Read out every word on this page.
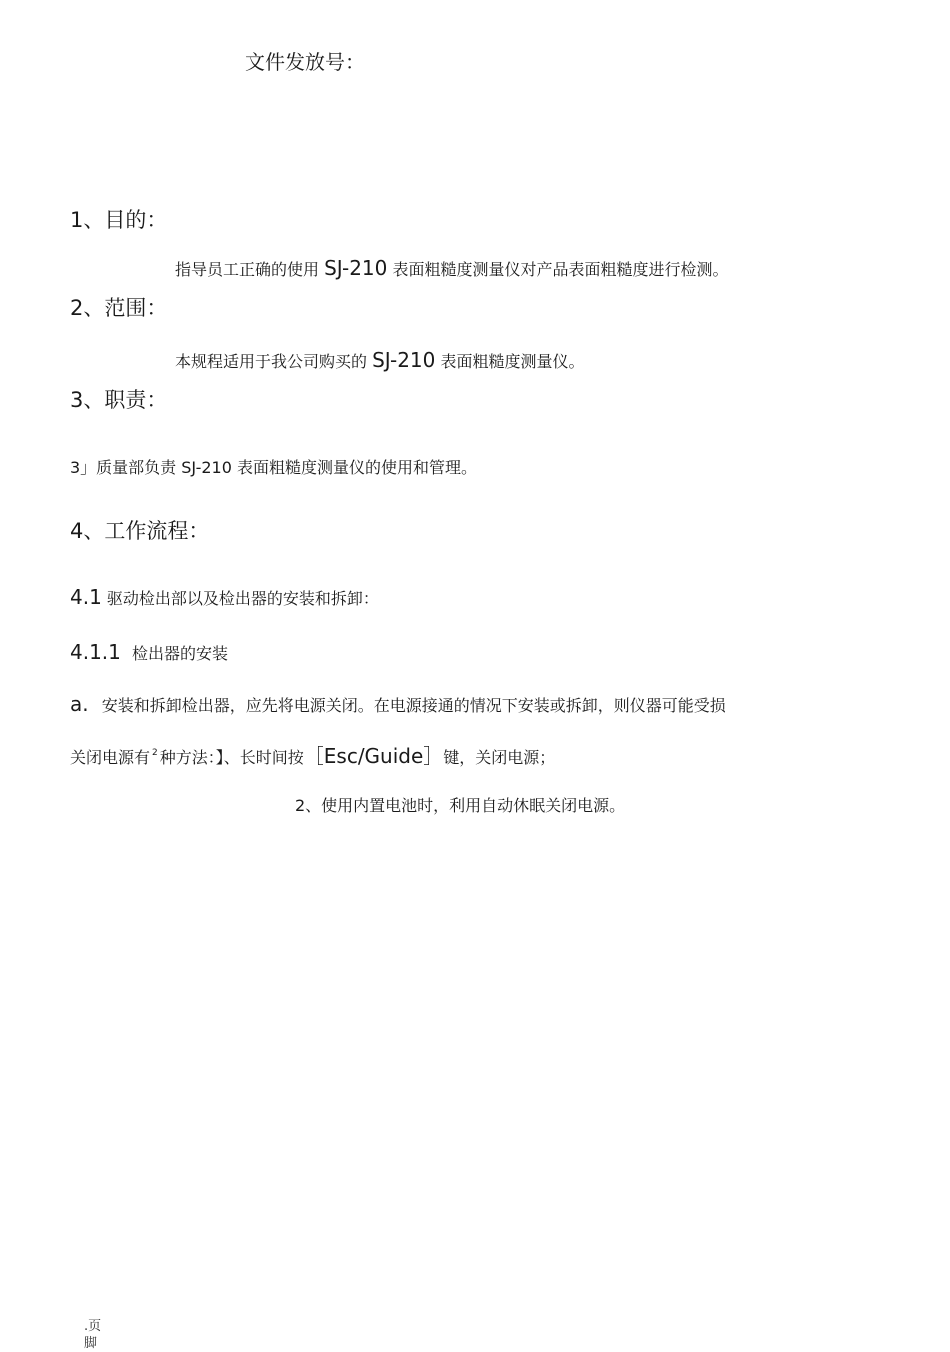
文件发放号：
1、目的：
指导员工正确的使用 SJ-210 表面粗糙度测量仪对产品表面粗糙度进行检测。
2、范围：
本规程适用于我公司购买的 SJ-210 表面粗糙度测量仪。
3、职责：
3」质量部负责 SJ-210 表面粗糙度测量仪的使用和管理。
4、工作流程：
4.1 驱动检出部以及检出器的安装和拆卸：
4.1.1 检出器的安装
a. 安装和拆卸检出器，应先将电源关闭。在电源接通的情况下安装或拆卸，则仪器可能受损
关闭电源有 $^2$ 种方法：】、长时间按［Esc/Guide］键，关闭电源；
2、使用内置电池时，利用自动休眠关闭电源。
.页脚
